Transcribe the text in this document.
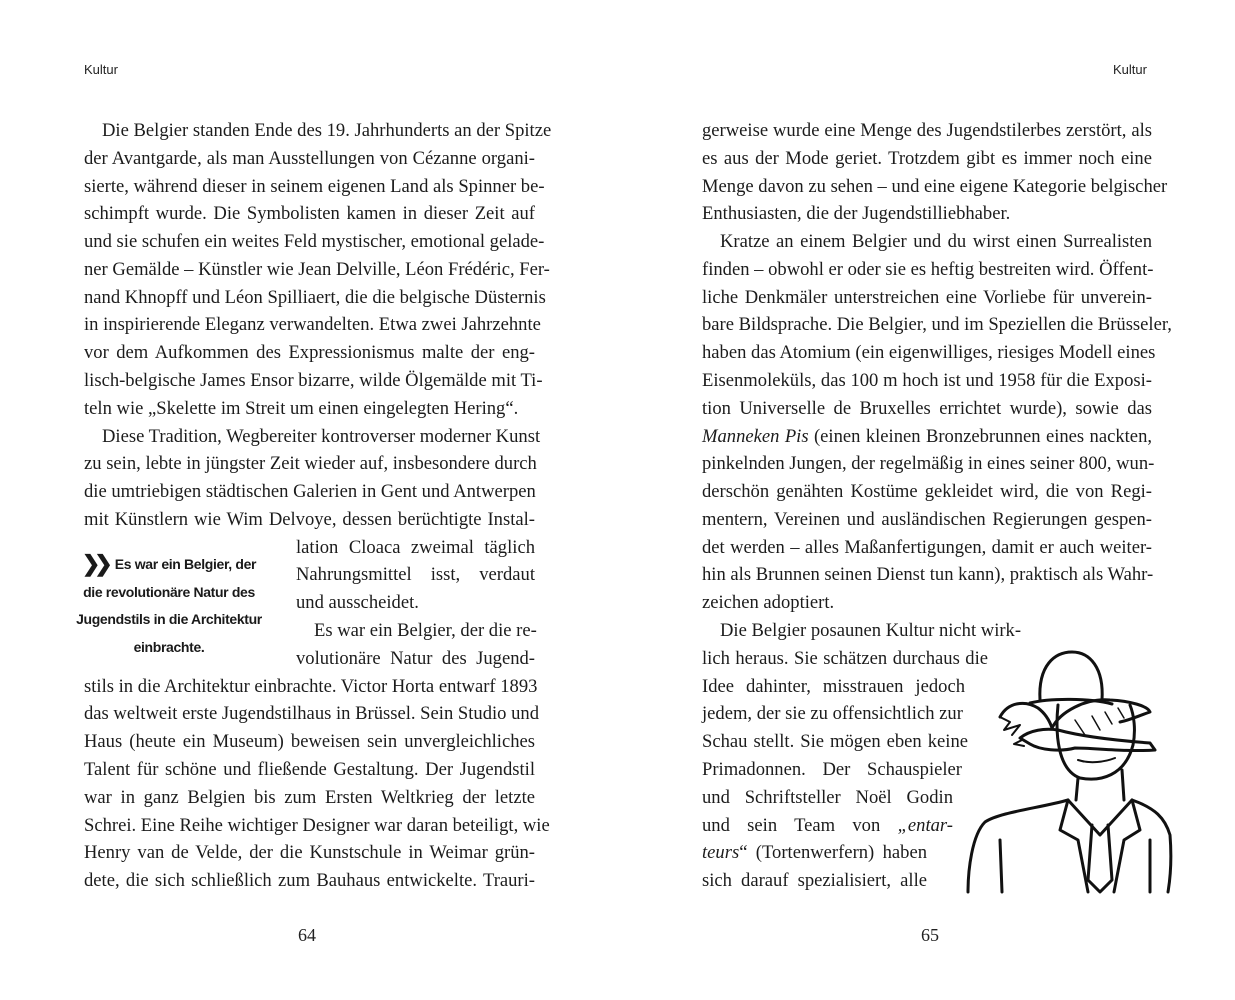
Kultur	Kultur
Die Belgier standen Ende des 19. Jahrhunderts an der Spitze
der Avantgarde, als man Ausstellungen von Cézanne organi-
sierte, während dieser in seinem eigenen Land als Spinner be-
schimpft wurde. Die Symbolisten kamen in dieser Zeit auf
und sie schufen ein weites Feld mystischer, emotional gelade-
ner Gemälde – Künstler wie Jean Delville, Léon Frédéric, Fer-
nand Khnopff und Léon Spilliaert, die die belgische Düsternis
in inspirierende Eleganz verwandelten. Etwa zwei Jahrzehnte
vor dem Aufkommen des Expressionismus malte der eng-
lisch-belgische James Ensor bizarre, wilde Ölgemälde mit Ti-
teln wie „Skelette im Streit um einen eingelegten Hering“.
Diese Tradition, Wegbereiter kontroverser moderner Kunst
zu sein, lebte in jüngster Zeit wieder auf, insbesondere durch
die umtriebigen städtischen Galerien in Gent und Antwerpen
mit Künstlern wie Wim Delvoye, dessen berüchtigte Instal-
lation Cloaca zweimal täglich
Nahrungsmittel isst, verdaut
und ausscheidet.
Es war ein Belgier, der die re-
volutionäre Natur des Jugend-
stils in die Architektur einbrachte. Victor Horta entwarf 1893
das weltweit erste Jugendstilhaus in Brüssel. Sein Studio und
Haus (heute ein Museum) beweisen sein unvergleichliches
Talent für schöne und fließende Gestaltung. Der Jugendstil
war in ganz Belgien bis zum Ersten Weltkrieg der letzte
Schrei. Eine Reihe wichtiger Designer war daran beteiligt, wie
Henry van de Velde, der die Kunstschule in Weimar grün-
dete, die sich schließlich zum Bauhaus entwickelte. Trauri-
gerweise wurde eine Menge des Jugendstilerbes zerstört, als
es aus der Mode geriet. Trotzdem gibt es immer noch eine
Menge davon zu sehen – und eine eigene Kategorie belgischer
Enthusiasten, die der Jugendstilliebhaber.
Kratze an einem Belgier und du wirst einen Surrealisten
finden – obwohl er oder sie es heftig bestreiten wird. Öffent-
liche Denkmäler unterstreichen eine Vorliebe für unverein-
bare Bildsprache. Die Belgier, und im Speziellen die Brüsseler,
haben das Atomium (ein eigenwilliges, riesiges Modell eines
Eisenmoleküls, das 100 m hoch ist und 1958 für die Exposi-
tion Universelle de Bruxelles errichtet wurde), sowie das
Manneken Pis (einen kleinen Bronzebrunnen eines nackten,
pinkelnden Jungen, der regelmäßig in eines seiner 800, wun-
derschön genähten Kostüme gekleidet wird, die von Regi-
mentern, Vereinen und ausländischen Regierungen gespen-
det werden – alles Maßanfertigungen, damit er auch weiter-
hin als Brunnen seinen Dienst tun kann), praktisch als Wahr-
zeichen adoptiert.
Die Belgier posaunen Kultur nicht wirk-
lich heraus. Sie schätzen durchaus die
Idee dahinter, misstrauen jedoch
jedem, der sie zu offensichtlich zur
Schau stellt. Sie mögen eben keine
Primadonnen. Der Schauspieler
und Schriftsteller Noël Godin
und sein Team von „entar-
teurs“ (Tortenwerfern) haben
sich darauf spezialisiert, alle
❯❯ Es war ein Belgier, der
die revolutionäre Natur des
Jugendstils in die Architektur
einbrachte.
64	65
